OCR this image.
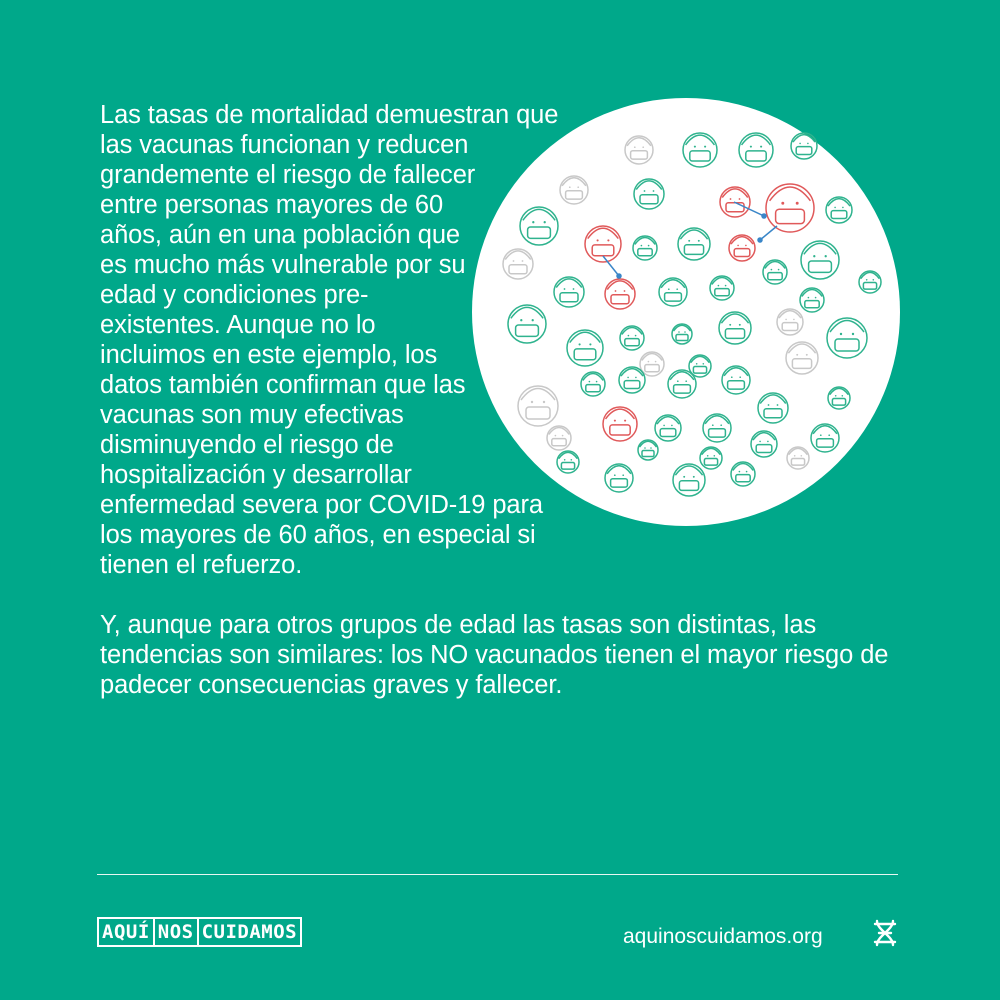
Las tasas de mortalidad demuestran que las vacunas funcionan y reducen grandemente el riesgo de fallecer entre personas mayores de 60 años, aún en una población que es mucho más vulnerable por su edad y condiciones pre-existentes. Aunque no lo incluimos en este ejemplo, los datos también confirman que las vacunas son muy efectivas disminuyendo el riesgo de hospitalización y desarrollar enfermedad severa por COVID-19 para los mayores de 60 años, en especial si tienen el refuerzo.

Y, aunque para otros grupos de edad las tasas son distintas, las tendencias son similares: los NO vacunados tienen el mayor riesgo de padecer consecuencias graves y fallecer.

AQUÍ NOS CUIDAMOS	aquinoscuidamos.org
